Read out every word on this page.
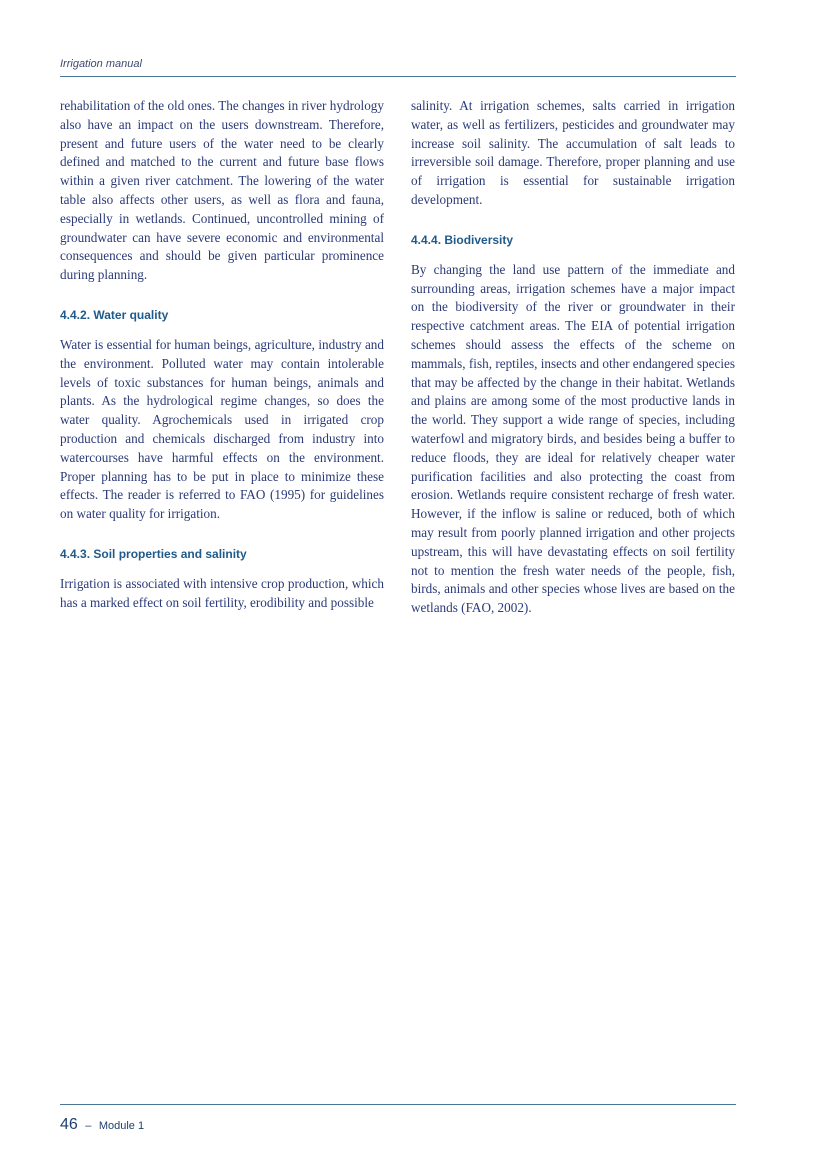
Irrigation manual

rehabilitation of the old ones. The changes in river hydrology also have an impact on the users downstream. Therefore, present and future users of the water need to be clearly defined and matched to the current and future base flows within a given river catchment. The lowering of the water table also affects other users, as well as flora and fauna, especially in wetlands. Continued, uncontrolled mining of groundwater can have severe economic and environmental consequences and should be given particular prominence during planning.

4.4.2. Water quality

Water is essential for human beings, agriculture, industry and the environment. Polluted water may contain intolerable levels of toxic substances for human beings, animals and plants. As the hydrological regime changes, so does the water quality. Agrochemicals used in irrigated crop production and chemicals discharged from industry into watercourses have harmful effects on the environment. Proper planning has to be put in place to minimize these effects. The reader is referred to FAO (1995) for guidelines on water quality for irrigation.

4.4.3. Soil properties and salinity

Irrigation is associated with intensive crop production, which has a marked effect on soil fertility, erodibility and possible

salinity. At irrigation schemes, salts carried in irrigation water, as well as fertilizers, pesticides and groundwater may increase soil salinity. The accumulation of salt leads to irreversible soil damage. Therefore, proper planning and use of irrigation is essential for sustainable irrigation development.

4.4.4. Biodiversity

By changing the land use pattern of the immediate and surrounding areas, irrigation schemes have a major impact on the biodiversity of the river or groundwater in their respective catchment areas. The EIA of potential irrigation schemes should assess the effects of the scheme on mammals, fish, reptiles, insects and other endangered species that may be affected by the change in their habitat. Wetlands and plains are among some of the most productive lands in the world. They support a wide range of species, including waterfowl and migratory birds, and besides being a buffer to reduce floods, they are ideal for relatively cheaper water purification facilities and also protecting the coast from erosion. Wetlands require consistent recharge of fresh water. However, if the inflow is saline or reduced, both of which may result from poorly planned irrigation and other projects upstream, this will have devastating effects on soil fertility not to mention the fresh water needs of the people, fish, birds, animals and other species whose lives are based on the wetlands (FAO, 2002).

46 – Module 1
